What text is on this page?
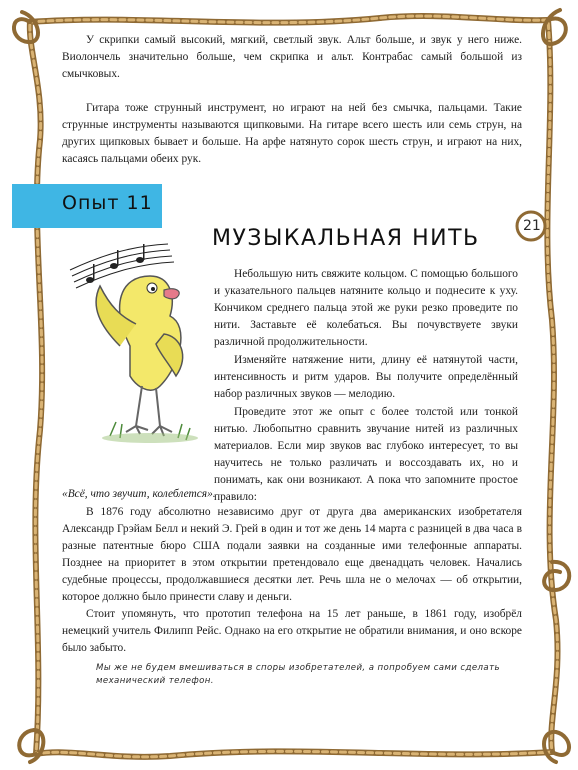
У скрипки самый высокий, мягкий, светлый звук. Альт больше, и звук у него ниже. Виолончель значительно больше, чем скрипка и альт. Контрабас самый большой из смычковых.

Гитара тоже струнный инструмент, но играют на ней без смычка, пальцами. Такие струнные инструменты называются щипковыми. На гитаре всего шесть или семь струн, на других щипковых бывает и больше. На арфе натянуто сорок шесть струн, и играют на них, касаясь пальцами обеих рук.

Опыт 11
МУЗЫКАЛЬНАЯ НИТЬ	21

Небольшую нить свяжите кольцом. С помощью большого и указательного пальцев натяните кольцо и поднесите к уху. Кончиком среднего пальца этой же руки резко проведите по нити. Заставьте её колебаться. Вы почувствуете звуки различной продолжительности.

Изменяйте натяжение нити, длину её натянутой части, интенсивность и ритм ударов. Вы получите определённый набор различных звуков — мелодию.

Проведите этот же опыт с более толстой или тонкой нитью. Любопытно сравнить звучание нитей из различных материалов. Если мир звуков вас глубоко интересует, то вы научитесь не только различать и воссоздавать их, но и понимать, как они возникают. А пока что запомните простое правило:

«Всё, что звучит, колеблется».

В 1876 году абсолютно независимо друг от друга два американских изобретателя Александр Грэйам Белл и некий Э. Грей в один и тот же день 14 марта с разницей в два часа в разные патентные бюро США подали заявки на созданные ими телефонные аппараты. Позднее на приоритет в этом открытии претендовало еще двенадцать человек. Начались судебные процессы, продолжавшиеся десятки лет. Речь шла не о мелочах — об открытии, которое должно было принести славу и деньги.

Стоит упомянуть, что прототип телефона на 15 лет раньше, в 1861 году, изобрёл немецкий учитель Филипп Рейс. Однако на его открытие не обратили внимания, и оно вскоре было забыто.

Мы же не будем вмешиваться в споры изобретателей, а попробуем сами сделать механический телефон.
